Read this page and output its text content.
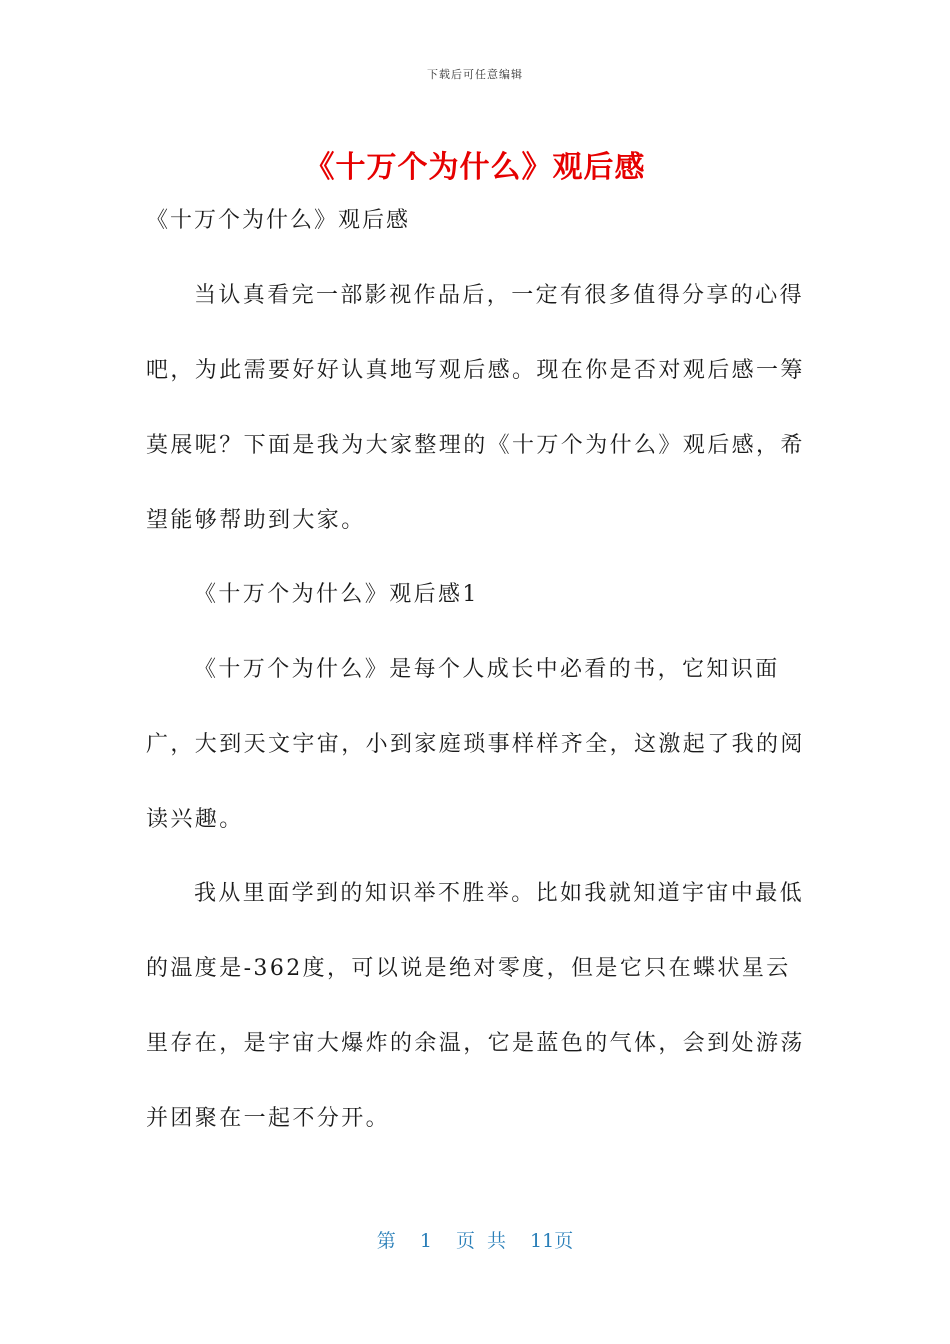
下载后可任意编辑
《十万个为什么》观后感

《十万个为什么》观后感

当认真看完一部影视作品后，一定有很多值得分享的心得吧，为此需要好好认真地写观后感。现在你是否对观后感一筹莫展呢？下面是我为大家整理的《十万个为什么》观后感，希望能够帮助到大家。

《十万个为什么》观后感1

《十万个为什么》是每个人成长中必看的书，它知识面广，大到天文宇宙，小到家庭琐事样样齐全，这激起了我的阅读兴趣。

我从里面学到的知识举不胜举。比如我就知道宇宙中最低的温度是-362度，可以说是绝对零度，但是它只在蝶状星云里存在，是宇宙大爆炸的余温，它是蓝色的气体，会到处游荡并团聚在一起不分开。

第 1 页 共 11页
